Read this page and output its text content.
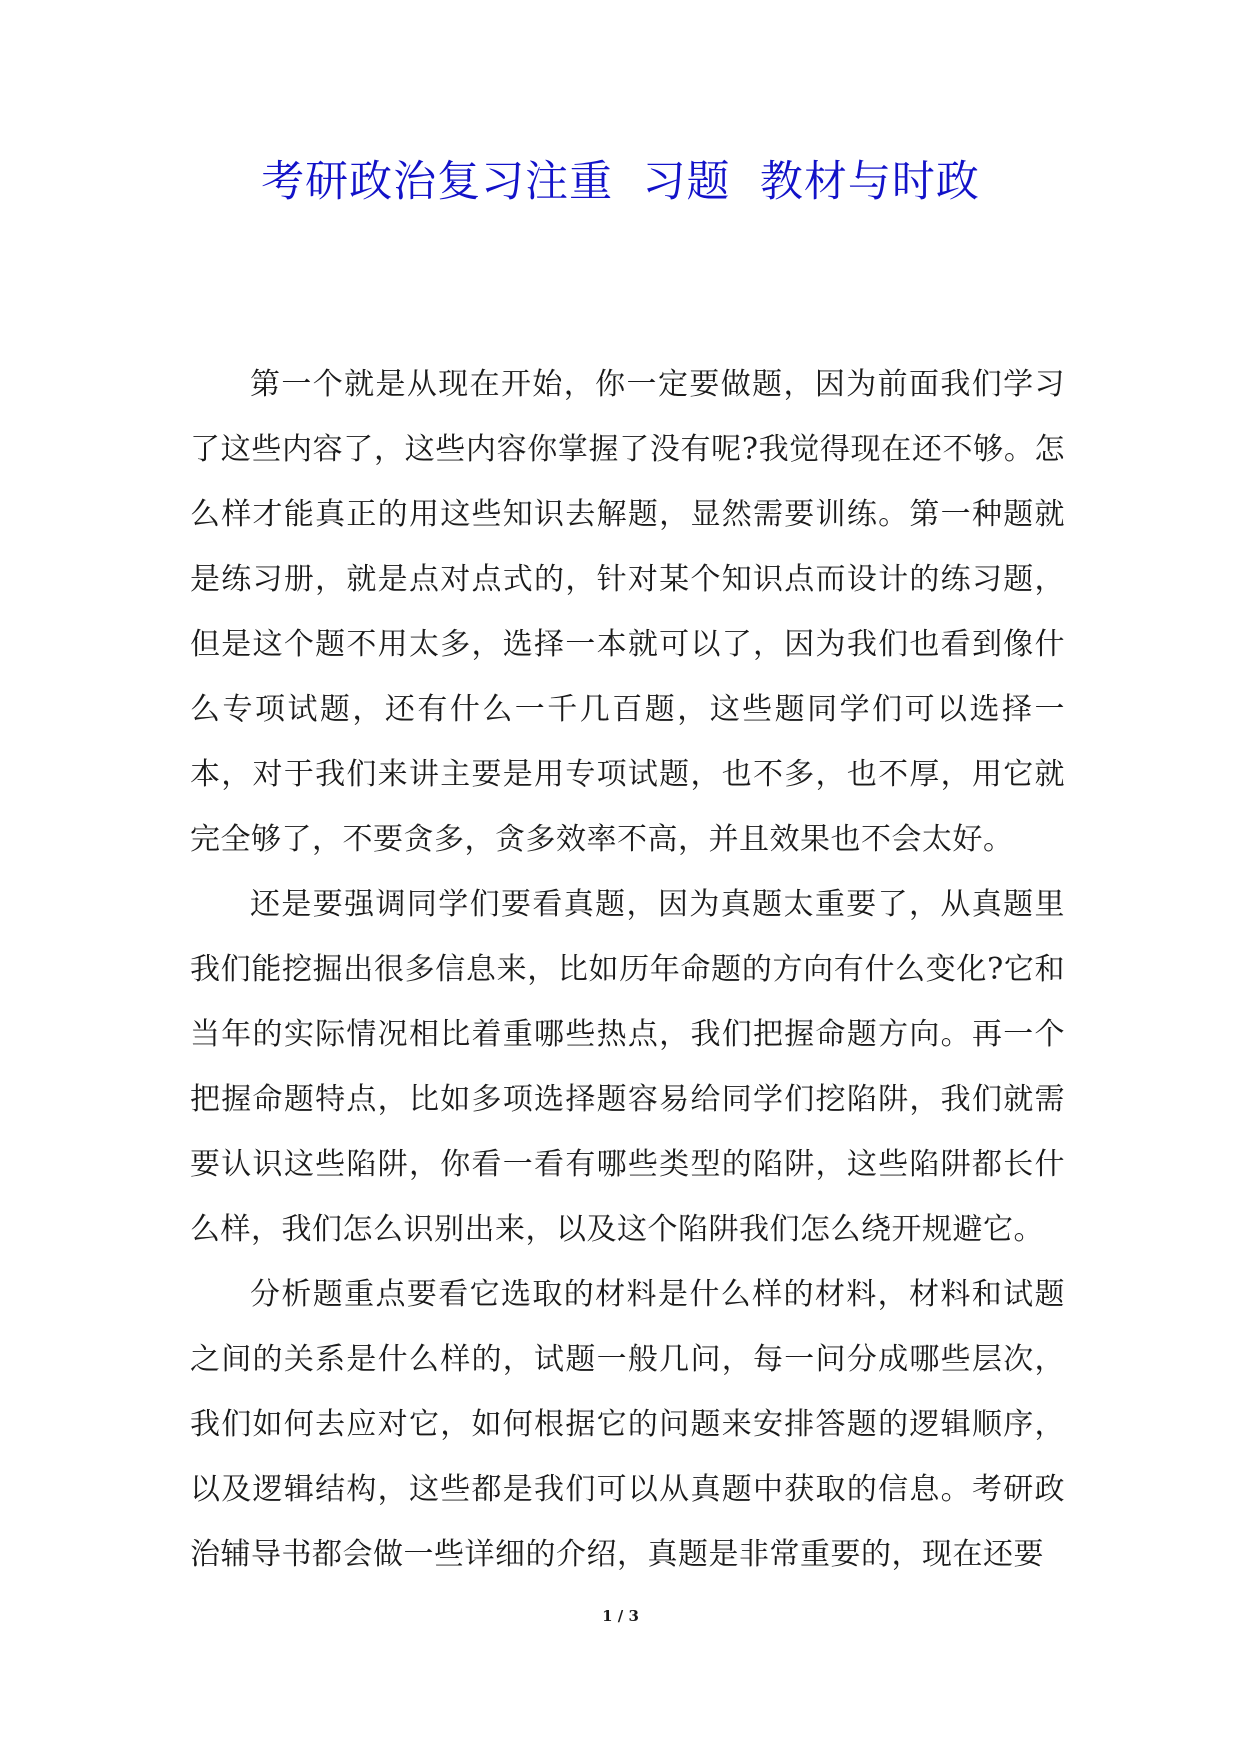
考研政治复习注重  习题  教材与时政

第一个就是从现在开始，你一定要做题，因为前面我们学习了这些内容了，这些内容你掌握了没有呢?我觉得现在还不够。怎么样才能真正的用这些知识去解题，显然需要训练。第一种题就是练习册，就是点对点式的，针对某个知识点而设计的练习题，但是这个题不用太多，选择一本就可以了，因为我们也看到像什么专项试题，还有什么一千几百题，这些题同学们可以选择一本，对于我们来讲主要是用专项试题，也不多，也不厚，用它就完全够了，不要贪多，贪多效率不高，并且效果也不会太好。

还是要强调同学们要看真题，因为真题太重要了，从真题里我们能挖掘出很多信息来，比如历年命题的方向有什么变化?它和当年的实际情况相比着重哪些热点，我们把握命题方向。再一个把握命题特点，比如多项选择题容易给同学们挖陷阱，我们就需要认识这些陷阱，你看一看有哪些类型的陷阱，这些陷阱都长什么样，我们怎么识别出来，以及这个陷阱我们怎么绕开规避它。

分析题重点要看它选取的材料是什么样的材料，材料和试题之间的关系是什么样的，试题一般几问，每一问分成哪些层次，我们如何去应对它，如何根据它的问题来安排答题的逻辑顺序，以及逻辑结构，这些都是我们可以从真题中获取的信息。考研政治辅导书都会做一些详细的介绍，真题是非常重要的，现在还要

1 / 3
